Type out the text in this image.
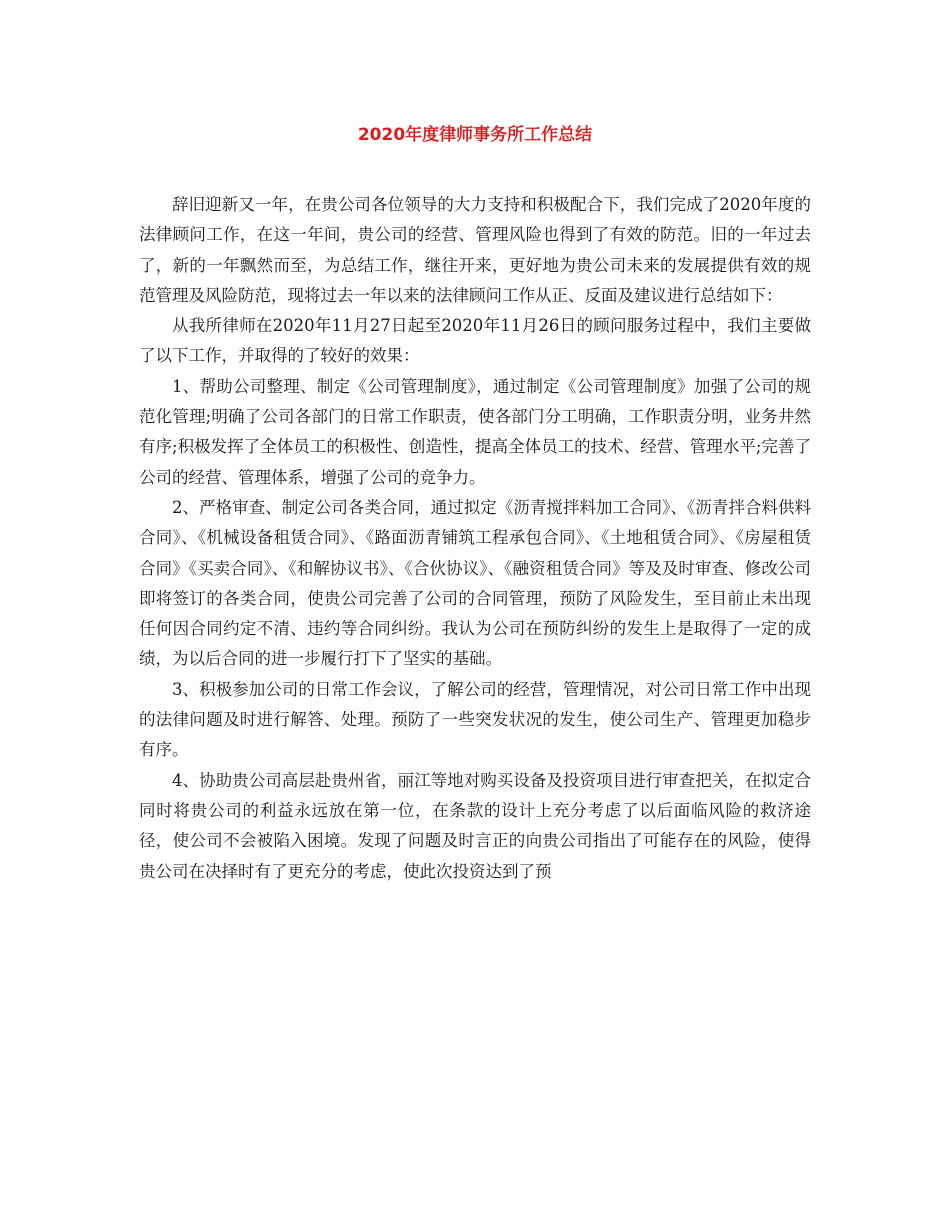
2020年度律师事务所工作总结

辞旧迎新又一年，在贵公司各位领导的大力支持和积极配合下，我们完成了2020年度的法律顾问工作，在这一年间，贵公司的经营、管理风险也得到了有效的防范。旧的一年过去了，新的一年飘然而至，为总结工作，继往开来，更好地为贵公司未来的发展提供有效的规范管理及风险防范，现将过去一年以来的法律顾问工作从正、反面及建议进行总结如下：

从我所律师在2020年11月27日起至2020年11月26日的顾问服务过程中，我们主要做了以下工作，并取得的了较好的效果：

1、帮助公司整理、制定《公司管理制度》，通过制定《公司管理制度》加强了公司的规范化管理;明确了公司各部门的日常工作职责，使各部门分工明确，工作职责分明，业务井然有序;积极发挥了全体员工的积极性、创造性，提高全体员工的技术、经营、管理水平;完善了公司的经营、管理体系，增强了公司的竞争力。

2、严格审查、制定公司各类合同，通过拟定《沥青搅拌料加工合同》、《沥青拌合料供料合同》、《机械设备租赁合同》、《路面沥青铺筑工程承包合同》、《土地租赁合同》、《房屋租赁合同》《买卖合同》、《和解协议书》、《合伙协议》、《融资租赁合同》等及及时审查、修改公司即将签订的各类合同，使贵公司完善了公司的合同管理，预防了风险发生，至目前止未出现任何因合同约定不清、违约等合同纠纷。我认为公司在预防纠纷的发生上是取得了一定的成绩，为以后合同的进一步履行打下了坚实的基础。

3、积极参加公司的日常工作会议，了解公司的经营，管理情况，对公司日常工作中出现的法律问题及时进行解答、处理。预防了一些突发状况的发生，使公司生产、管理更加稳步有序。

4、协助贵公司高层赴贵州省，丽江等地对购买设备及投资项目进行审查把关，在拟定合同时将贵公司的利益永远放在第一位，在条款的设计上充分考虑了以后面临风险的救济途径，使公司不会被陷入困境。发现了问题及时言正的向贵公司指出了可能存在的风险，使得贵公司在决择时有了更充分的考虑，使此次投资达到了预
